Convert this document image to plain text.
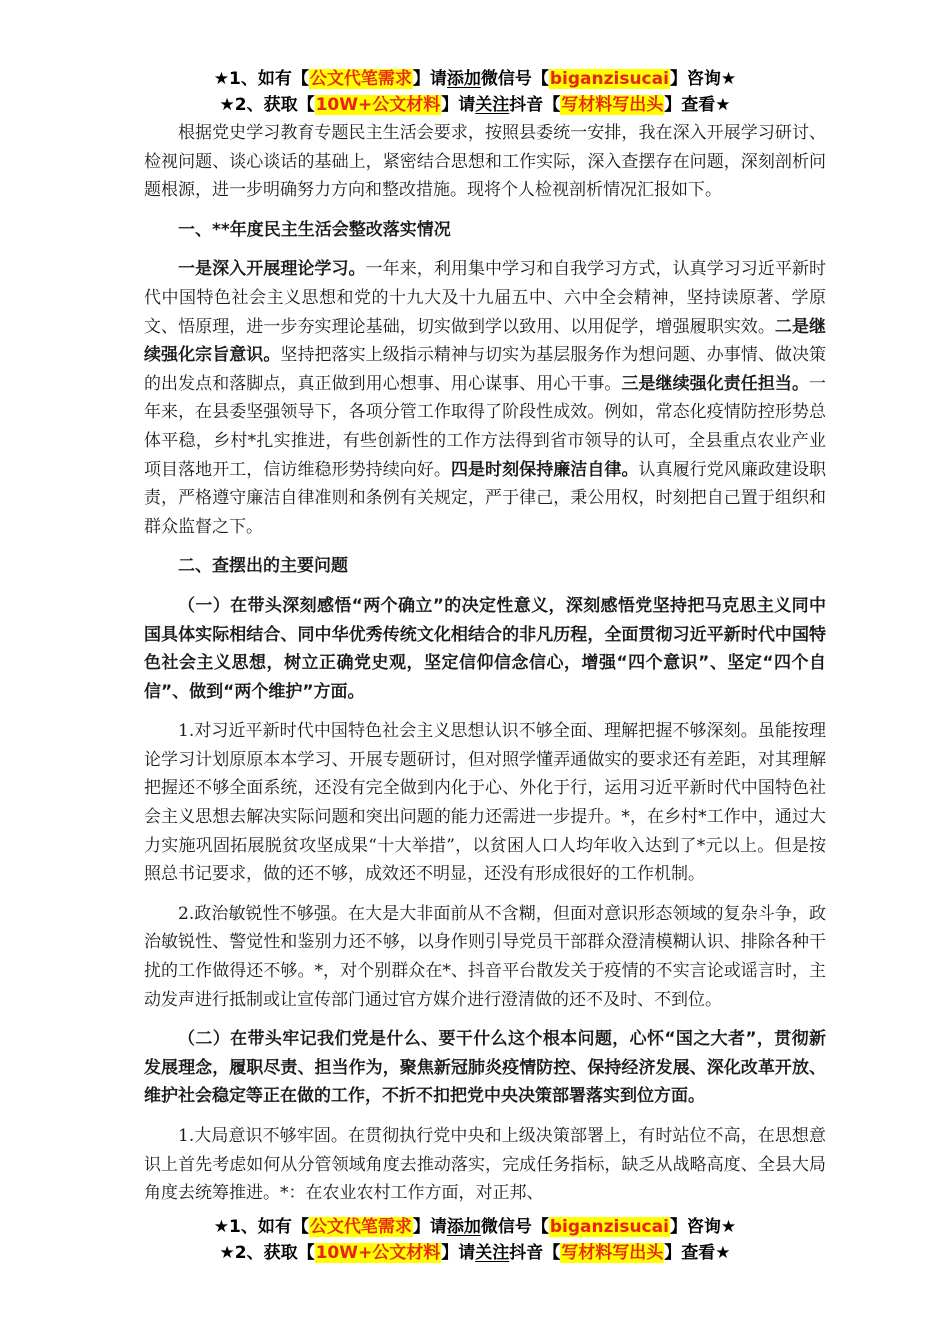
★1、如有【公文代笔需求】请添加微信号【biganzisucai】咨询★
★2、获取【10W+公文材料】请关注抖音【写材料写出头】查看★

根据党史学习教育专题民主生活会要求，按照县委统一安排，我在深入开展学习研讨、检视问题、谈心谈话的基础上，紧密结合思想和工作实际，深入查摆存在问题，深刻剖析问题根源，进一步明确努力方向和整改措施。现将个人检视剖析情况汇报如下。

一、**年度民主生活会整改落实情况

一是深入开展理论学习。一年来，利用集中学习和自我学习方式，认真学习习近平新时代中国特色社会主义思想和党的十九大及十九届五中、六中全会精神，坚持读原著、学原文、悟原理，进一步夯实理论基础，切实做到学以致用、以用促学，增强履职实效。二是继续强化宗旨意识。坚持把落实上级指示精神与切实为基层服务作为想问题、办事情、做决策的出发点和落脚点，真正做到用心想事、用心谋事、用心干事。三是继续强化责任担当。一年来，在县委坚强领导下，各项分管工作取得了阶段性成效。例如，常态化疫情防控形势总体平稳，乡村*扎实推进，有些创新性的工作方法得到省市领导的认可，全县重点农业产业项目落地开工，信访维稳形势持续向好。四是时刻保持廉洁自律。认真履行党风廉政建设职责，严格遵守廉洁自律准则和条例有关规定，严于律己，秉公用权，时刻把自己置于组织和群众监督之下。

二、查摆出的主要问题

（一）在带头深刻感悟“两个确立”的决定性意义，深刻感悟党坚持把马克思主义同中国具体实际相结合、同中华优秀传统文化相结合的非凡历程，全面贯彻习近平新时代中国特色社会主义思想，树立正确党史观，坚定信仰信念信心，增强“四个意识”、坚定“四个自信”、做到“两个维护”方面。

1.对习近平新时代中国特色社会主义思想认识不够全面、理解把握不够深刻。虽能按理论学习计划原原本本学习、开展专题研讨，但对照学懂弄通做实的要求还有差距，对其理解把握还不够全面系统，还没有完全做到内化于心、外化于行，运用习近平新时代中国特色社会主义思想去解决实际问题和突出问题的能力还需进一步提升。*，在乡村*工作中，通过大力实施巩固拓展脱贫攻坚成果“十大举措”，以贫困人口人均年收入达到了*元以上。但是按照总书记要求，做的还不够，成效还不明显，还没有形成很好的工作机制。

2.政治敏锐性不够强。在大是大非面前从不含糊，但面对意识形态领域的复杂斗争，政治敏锐性、警觉性和鉴别力还不够，以身作则引导党员干部群众澄清模糊认识、排除各种干扰的工作做得还不够。*，对个别群众在*、抖音平台散发关于疫情的不实言论或谣言时，主动发声进行抵制或让宣传部门通过官方媒介进行澄清做的还不及时、不到位。

（二）在带头牢记我们党是什么、要干什么这个根本问题，心怀“国之大者”，贯彻新发展理念，履职尽责、担当作为，聚焦新冠肺炎疫情防控、保持经济发展、深化改革开放、维护社会稳定等正在做的工作，不折不扣把党中央决策部署落实到位方面。

1.大局意识不够牢固。在贯彻执行党中央和上级决策部署上，有时站位不高，在思想意识上首先考虑如何从分管领域角度去推动落实，完成任务指标，缺乏从战略高度、全县大局角度去统筹推进。*：在农业农村工作方面，对正邦、

★1、如有【公文代笔需求】请添加微信号【biganzisucai】咨询★
★2、获取【10W+公文材料】请关注抖音【写材料写出头】查看★
